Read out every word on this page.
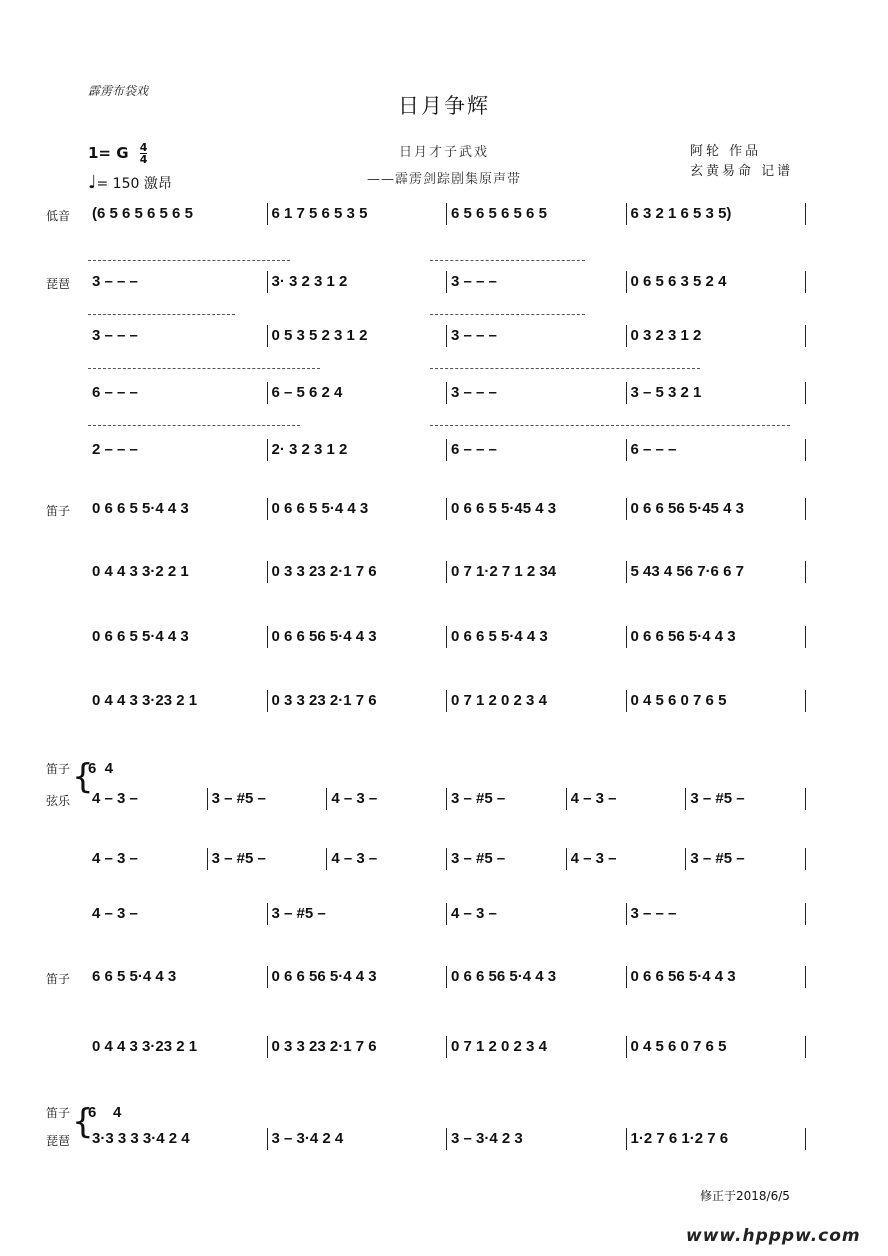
霹雳布袋戏
日月争辉
1= G $\frac{4}{4}$
♩= 150 激昂
日月才子武戏
——霹雳剑踪剧集原声带
阿轮 作品
玄黄易命 记谱
低音 (6 5 6 5 6 5 6 5	6 1 7 5 6 5 3 5	6 5 6 5 6 5 6 5	6 3 2 1 6 5 3 5)
琵琶 3 – – –	3· 3 2 3 1 2	3 – – –	0 6 5 6 3 5 2 4
3 – – –	0 5 3 5 2 3 1 2	3 – – –	0 3 2 3 1 2
6 – – –	6 – 5 6 2 4	3 – – –	3 – 5 3 2 1
2 – – –	2· 3 2 3 1 2	6 – – –	6 – – –
笛子 0 6 6 5 5·4 4 3	0 6 6 5 5·4 4 3	0 6 6 5 5·45 4 3	0 6 6 56 5·45 4 3
0 4 4 3 3·2 2 1	0 3 3 23 2·1 7 6	0 7 1·2 7 1 2 34	5 43 4 56 7·6 6 7
0 6 6 5 5·4 4 3	0 6 6 56 5·4 4 3	0 6 6 5 5·4 4 3	0 6 6 56 5·4 4 3
0 4 4 3 3·23 2 1	0 3 3 23 2·1 7 6	0 7 1 2 0 2 3 4	0 4 5 6 0 7 6 5
弦乐 4 – 3 –	3 – #5 –	4 – 3 –	3 – #5 –	4 – 3 –	3 – #5 –
4 – 3 –	3 – #5 –	4 – 3 –	3 – #5 –	4 – 3 –	3 – #5 –
4 – 3 –	3 – #5 –	4 – 3 –	3 – – –
笛子 6 6 5 5·4 4 3	0 6 6 56 5·4 4 3	0 6 6 56 5·4 4 3	0 6 6 56 5·4 4 3
0 4 4 3 3·23 2 1	0 3 3 23 2·1 7 6	0 7 1 2 0 2 3 4	0 4 5 6 0 7 6 5
琵琶 3·3 3 3 3·4 2 4	3 – 3·4 2 4	3 – 3·4 2 3	1·2 7 6 1·2 7 6
{
{
笛子
笛子
6  4
6    4
修正于2018/6/5
www.hpppw.com
